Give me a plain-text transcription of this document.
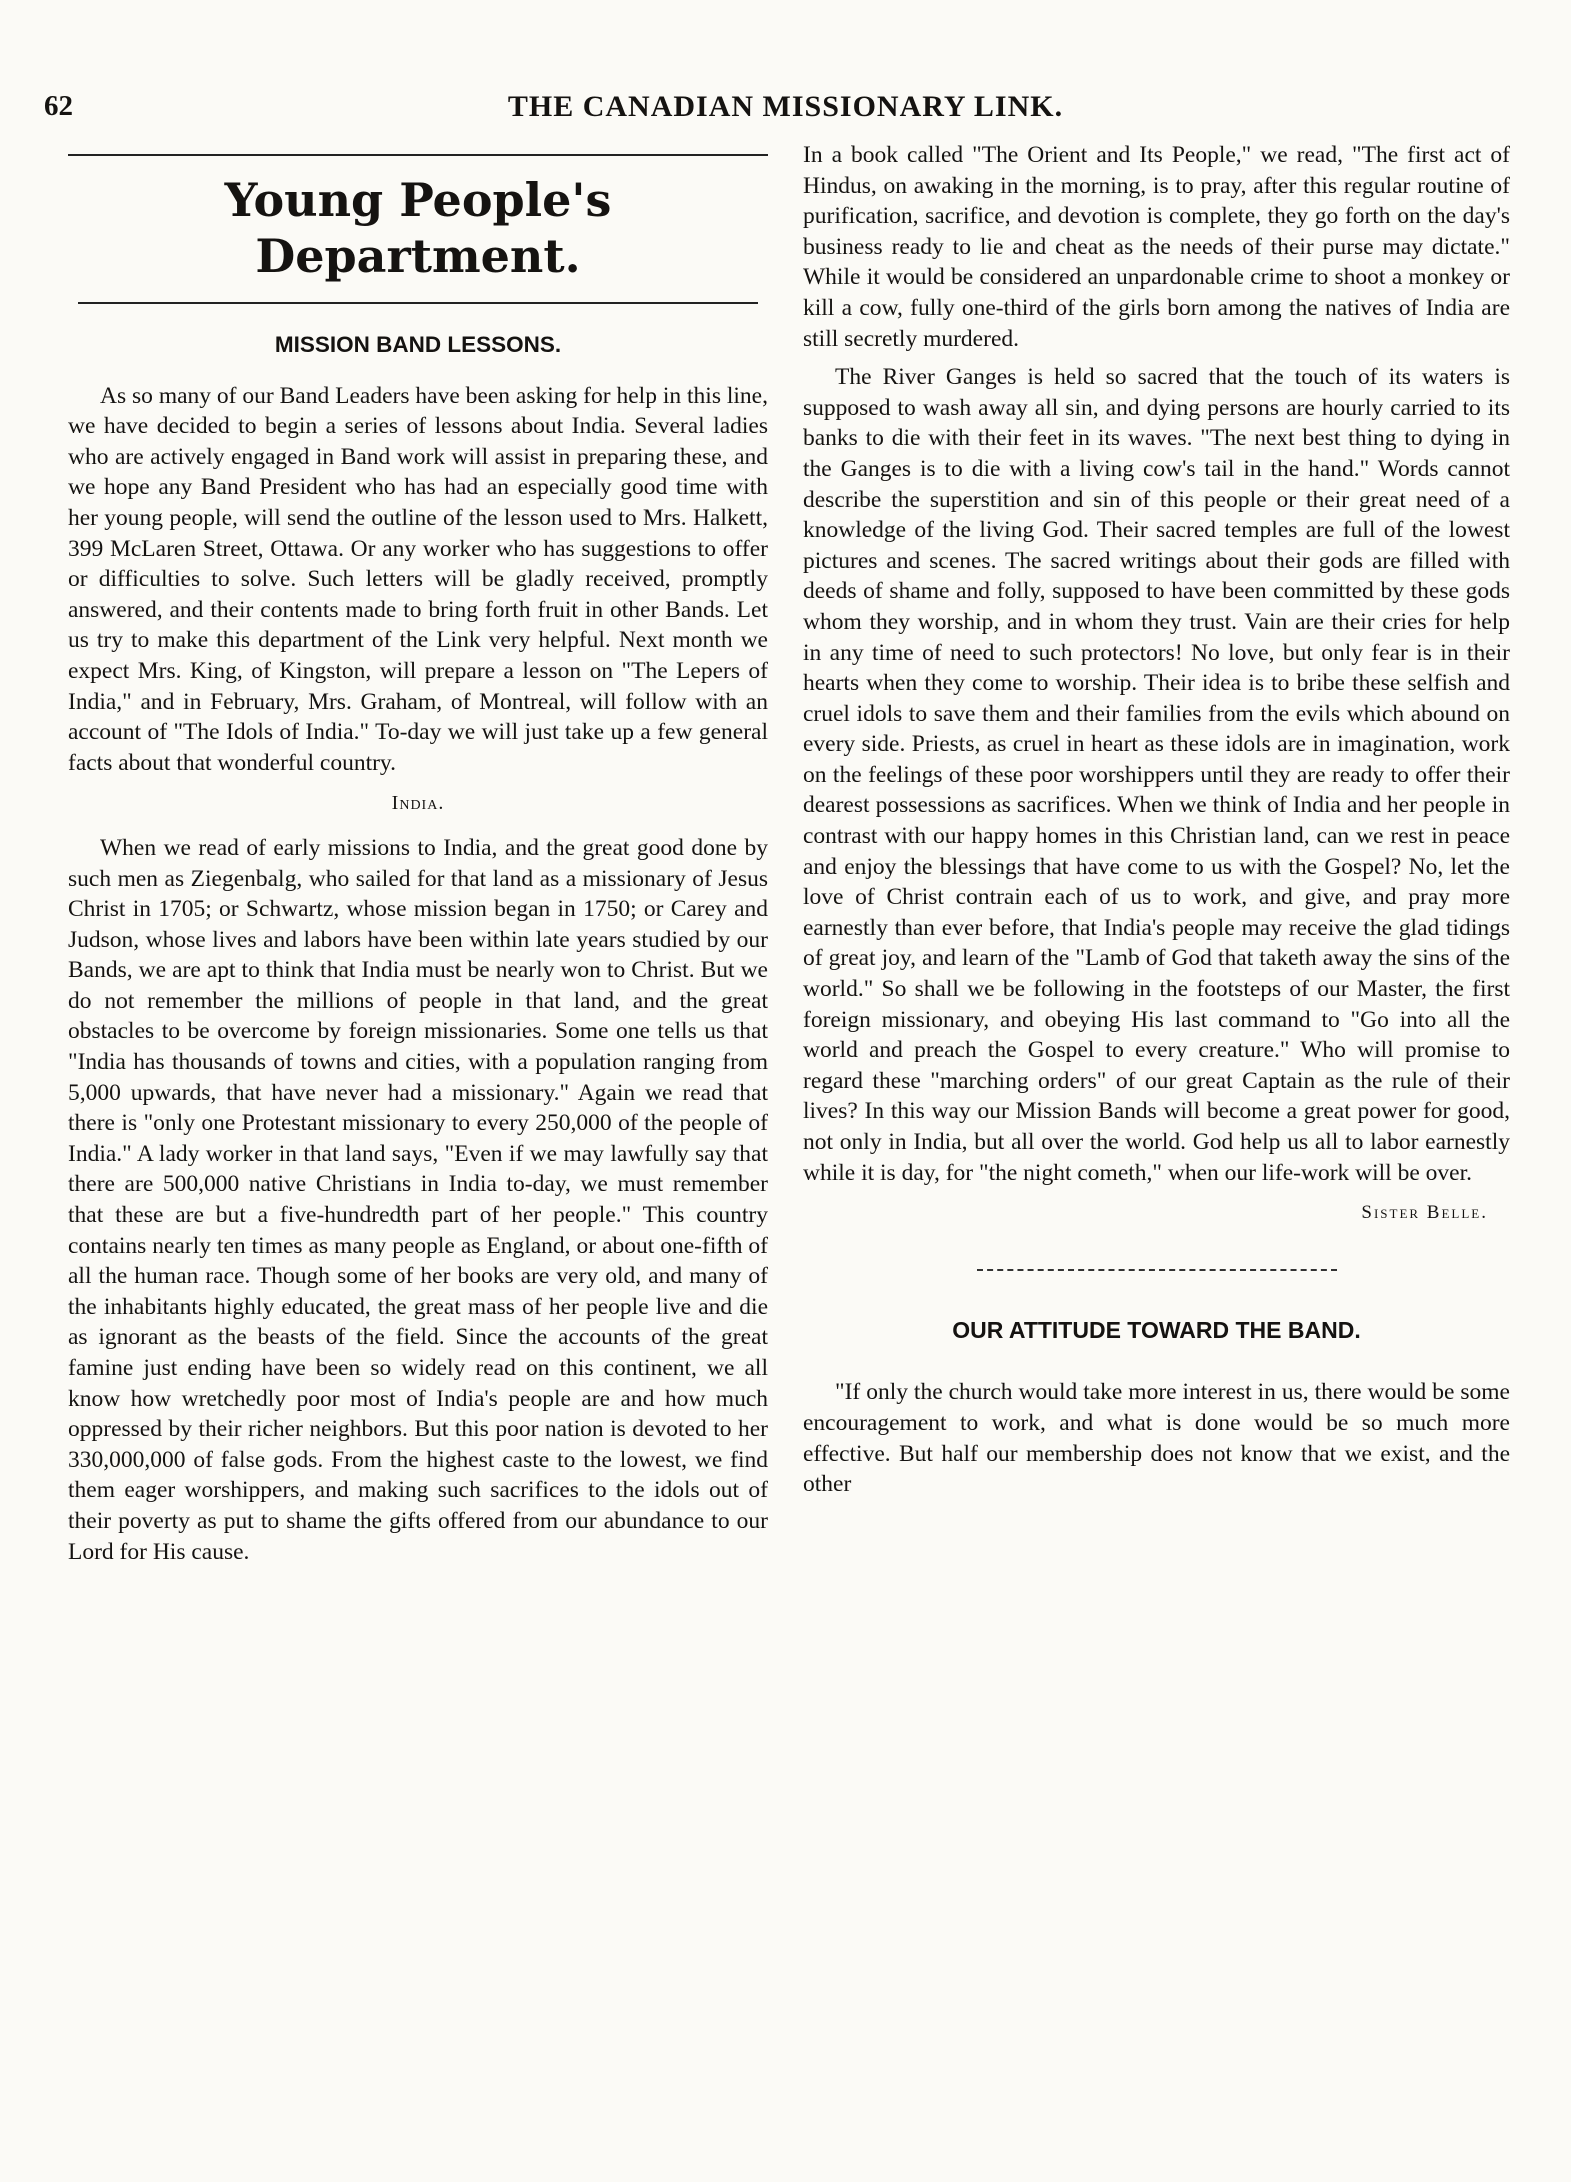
62	THE CANADIAN MISSIONARY LINK.
Young People's Department.
MISSION BAND LESSONS.

As so many of our Band Leaders have been asking for help in this line, we have decided to begin a series of lessons about India. Several ladies who are actively engaged in Band work will assist in preparing these, and we hope any Band President who has had an especially good time with her young people, will send the outline of the lesson used to Mrs. Halkett, 399 McLaren Street, Ottawa. Or any worker who has suggestions to offer or difficulties to solve. Such letters will be gladly received, promptly answered, and their contents made to bring forth fruit in other Bands. Let us try to make this department of the Link very helpful. Next month we expect Mrs. King, of Kingston, will prepare a lesson on "The Lepers of India," and in February, Mrs. Graham, of Montreal, will follow with an account of "The Idols of India." To-day we will just take up a few general facts about that wonderful country.

India.

When we read of early missions to India, and the great good done by such men as Ziegenbalg, who sailed for that land as a missionary of Jesus Christ in 1705; or Schwartz, whose mission began in 1750; or Carey and Judson, whose lives and labors have been within late years studied by our Bands, we are apt to think that India must be nearly won to Christ. But we do not remember the millions of people in that land, and the great obstacles to be overcome by foreign missionaries. Some one tells us that "India has thousands of towns and cities, with a population ranging from 5,000 upwards, that have never had a missionary." Again we read that there is "only one Protestant missionary to every 250,000 of the people of India." A lady worker in that land says, "Even if we may lawfully say that there are 500,000 native Christians in India to-day, we must remember that these are but a five-hundredth part of her people." This country contains nearly ten times as many people as England, or about one-fifth of all the human race. Though some of her books are very old, and many of the inhabitants highly educated, the great mass of her people live and die as ignorant as the beasts of the field. Since the accounts of the great famine just ending have been so widely read on this continent, we all know how wretchedly poor most of India's people are and how much oppressed by their richer neighbors. But this poor nation is devoted to her 330,000,000 of false gods. From the highest caste to the lowest, we find them eager worshippers, and making such sacrifices to the idols out of their poverty as put to shame the gifts offered from our abundance to our Lord for His cause.

In a book called "The Orient and Its People," we read, "The first act of Hindus, on awaking in the morning, is to pray, after this regular routine of purification, sacrifice, and devotion is complete, they go forth on the day's business ready to lie and cheat as the needs of their purse may dictate." While it would be considered an unpardonable crime to shoot a monkey or kill a cow, fully one-third of the girls born among the natives of India are still secretly murdered.

The River Ganges is held so sacred that the touch of its waters is supposed to wash away all sin, and dying persons are hourly carried to its banks to die with their feet in its waves. "The next best thing to dying in the Ganges is to die with a living cow's tail in the hand." Words cannot describe the superstition and sin of this people or their great need of a knowledge of the living God. Their sacred temples are full of the lowest pictures and scenes. The sacred writings about their gods are filled with deeds of shame and folly, supposed to have been committed by these gods whom they worship, and in whom they trust. Vain are their cries for help in any time of need to such protectors! No love, but only fear is in their hearts when they come to worship. Their idea is to bribe these selfish and cruel idols to save them and their families from the evils which abound on every side. Priests, as cruel in heart as these idols are in imagination, work on the feelings of these poor worshippers until they are ready to offer their dearest possessions as sacrifices. When we think of India and her people in contrast with our happy homes in this Christian land, can we rest in peace and enjoy the blessings that have come to us with the Gospel? No, let the love of Christ contrain each of us to work, and give, and pray more earnestly than ever before, that India's people may receive the glad tidings of great joy, and learn of the "Lamb of God that taketh away the sins of the world." So shall we be following in the footsteps of our Master, the first foreign missionary, and obeying His last command to "Go into all the world and preach the Gospel to every creature." Who will promise to regard these "marching orders" of our great Captain as the rule of their lives? In this way our Mission Bands will become a great power for good, not only in India, but all over the world. God help us all to labor earnestly while it is day, for "the night cometh," when our life-work will be over.

Sister Belle.
OUR ATTITUDE TOWARD THE BAND.

"If only the church would take more interest in us, there would be some encouragement to work, and what is done would be so much more effective. But half our membership does not know that we exist, and the other
